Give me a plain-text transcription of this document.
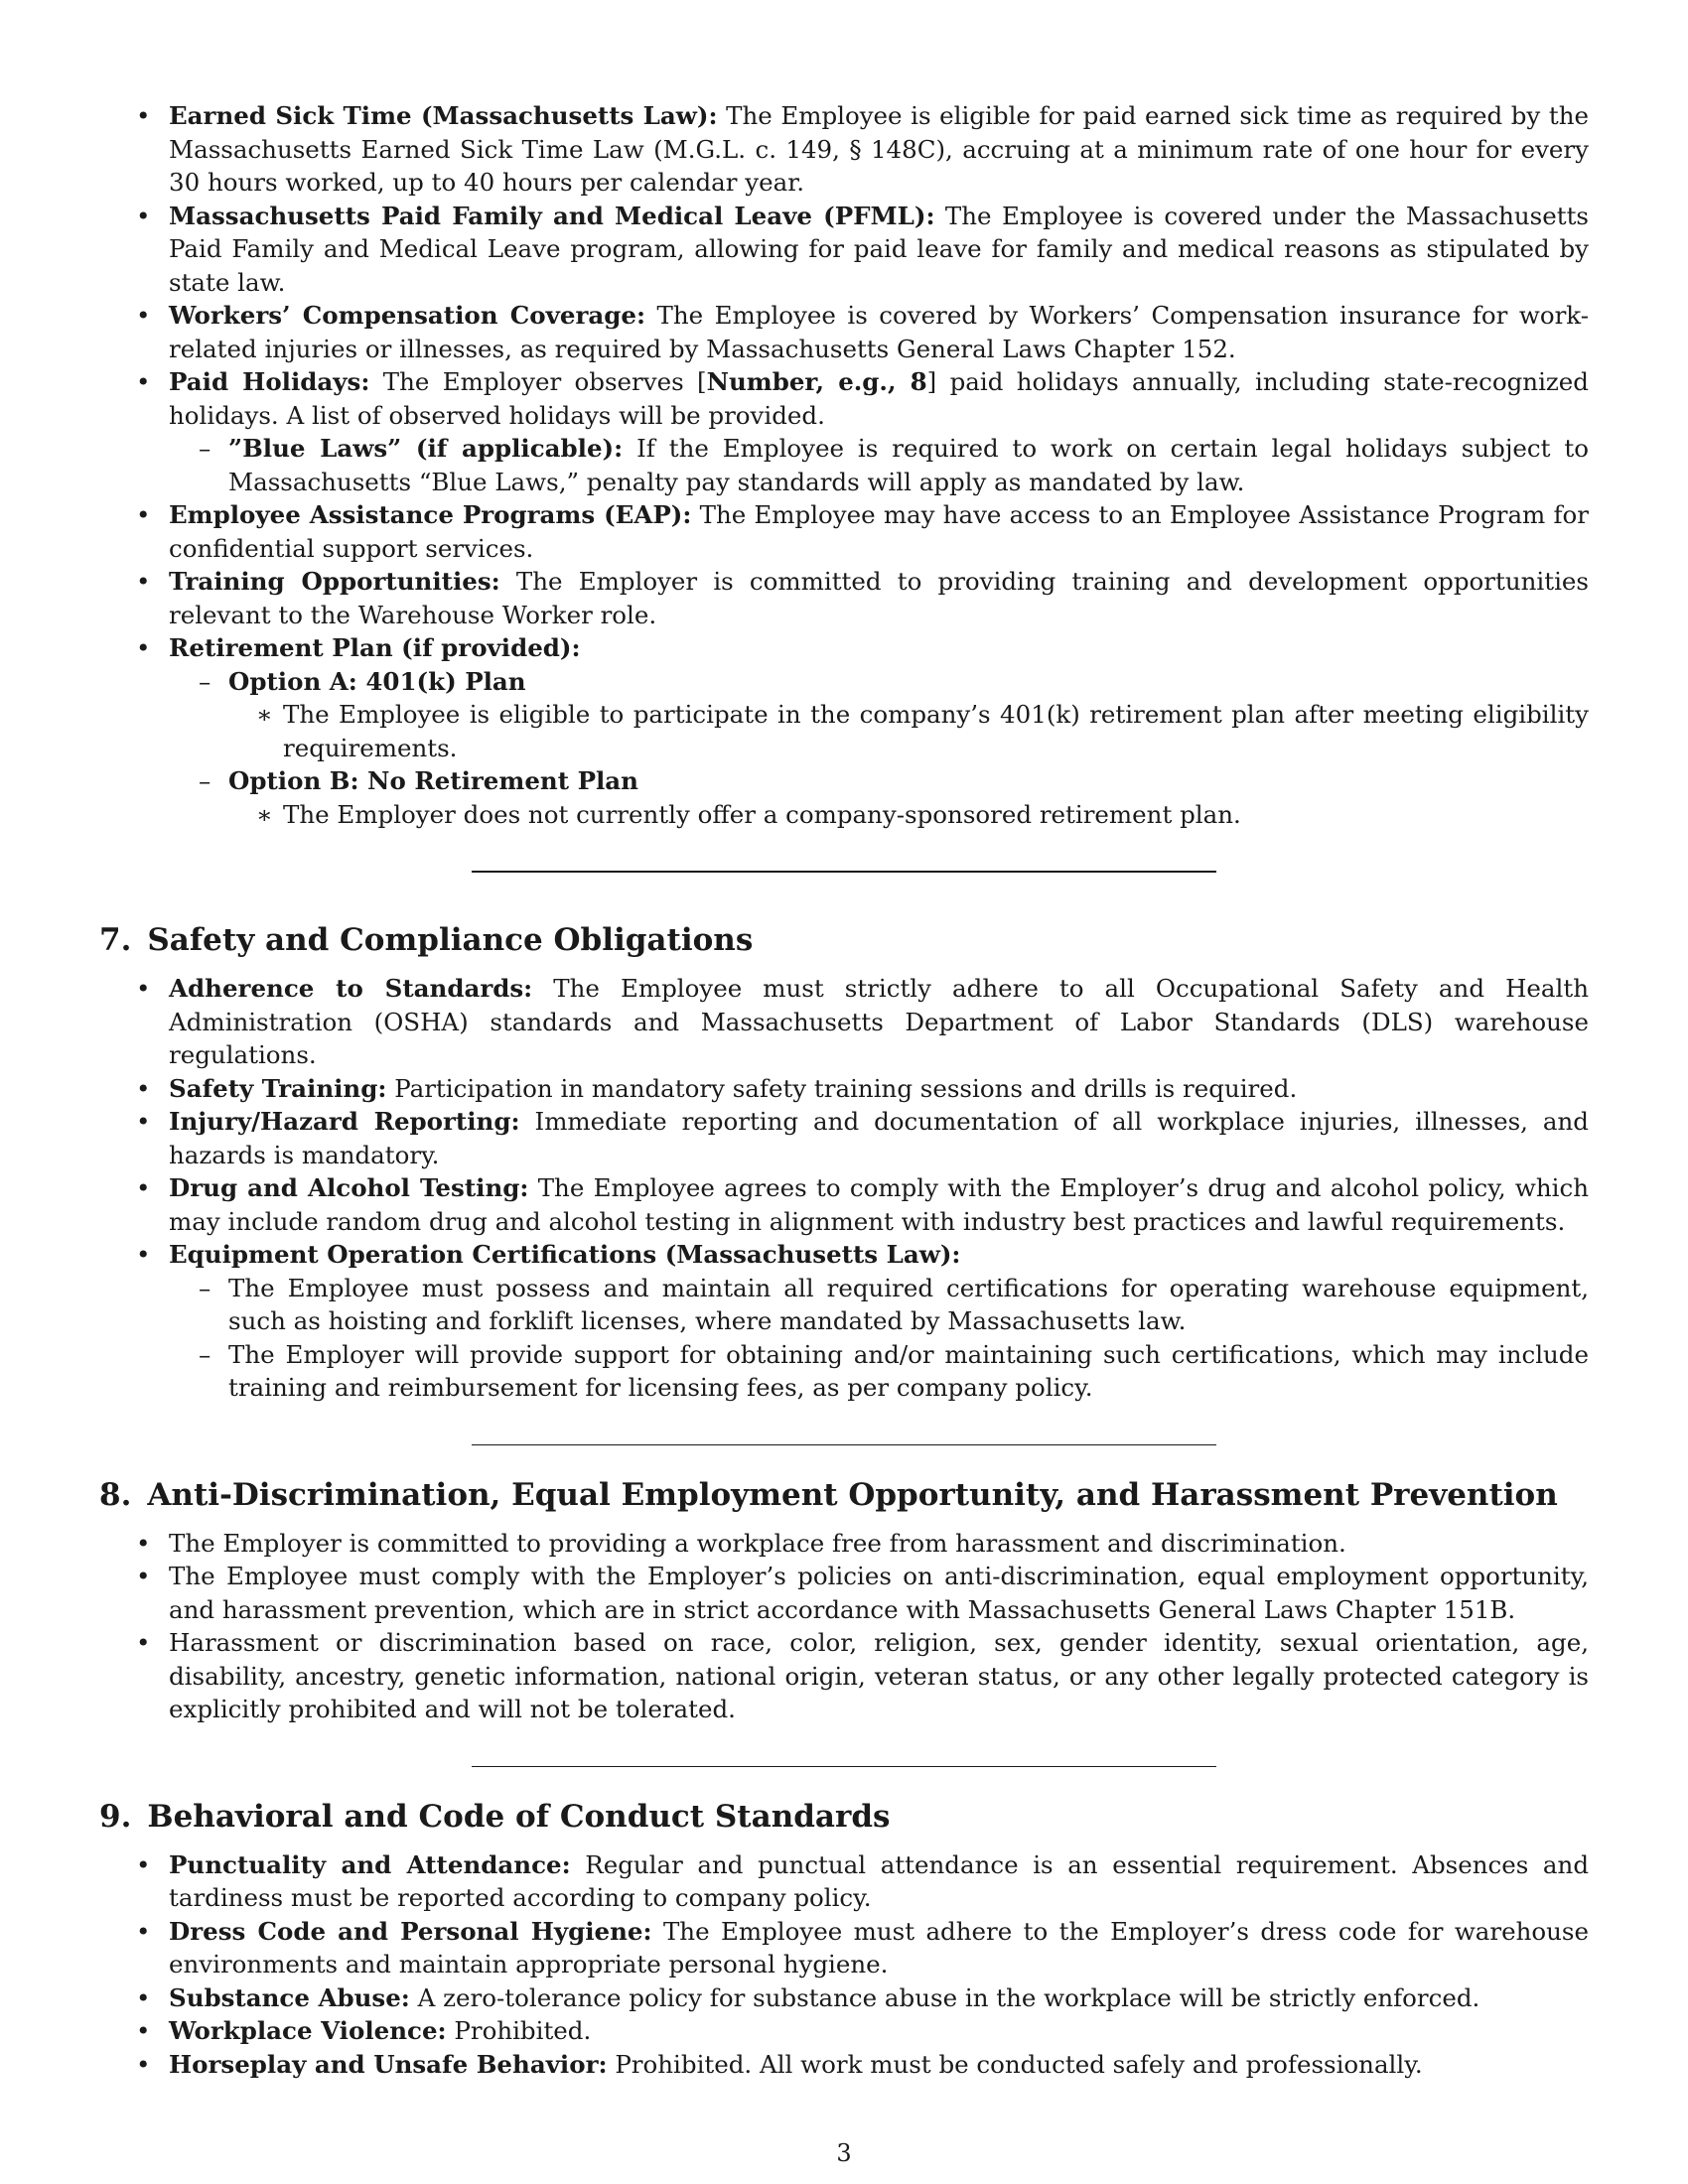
• Earned Sick Time (Massachusetts Law): The Employee is eligible for paid earned sick time as required by the Massachusetts Earned Sick Time Law (M.G.L. c. 149, § 148C), accruing at a minimum rate of one hour for every 30 hours worked, up to 40 hours per calendar year.
• Massachusetts Paid Family and Medical Leave (PFML): The Employee is covered under the Massachusetts Paid Family and Medical Leave program, allowing for paid leave for family and medical reasons as stipulated by state law.
• Workers’ Compensation Coverage: The Employee is covered by Workers’ Compensation insurance for work-related injuries or illnesses, as required by Massachusetts General Laws Chapter 152.
• Paid Holidays: The Employer observes [Number, e.g., 8] paid holidays annually, including state-recognized holidays. A list of observed holidays will be provided.
– ”Blue Laws” (if applicable): If the Employee is required to work on certain legal holidays subject to Massachusetts “Blue Laws,” penalty pay standards will apply as mandated by law.
• Employee Assistance Programs (EAP): The Employee may have access to an Employee Assistance Program for confidential support services.
• Training Opportunities: The Employer is committed to providing training and development opportunities relevant to the Warehouse Worker role.
• Retirement Plan (if provided):
– Option A: 401(k) Plan
∗ The Employee is eligible to participate in the company’s 401(k) retirement plan after meeting eligibility requirements.
– Option B: No Retirement Plan
∗ The Employer does not currently offer a company-sponsored retirement plan.
7. Safety and Compliance Obligations
• Adherence to Standards: The Employee must strictly adhere to all Occupational Safety and Health Administration (OSHA) standards and Massachusetts Department of Labor Standards (DLS) warehouse regulations.
• Safety Training: Participation in mandatory safety training sessions and drills is required.
• Injury/Hazard Reporting: Immediate reporting and documentation of all workplace injuries, illnesses, and hazards is mandatory.
• Drug and Alcohol Testing: The Employee agrees to comply with the Employer’s drug and alcohol policy, which may include random drug and alcohol testing in alignment with industry best practices and lawful requirements.
• Equipment Operation Certifications (Massachusetts Law):
– The Employee must possess and maintain all required certifications for operating warehouse equipment, such as hoisting and forklift licenses, where mandated by Massachusetts law.
– The Employer will provide support for obtaining and/or maintaining such certifications, which may include training and reimbursement for licensing fees, as per company policy.
8. Anti-Discrimination, Equal Employment Opportunity, and Harassment Prevention
• The Employer is committed to providing a workplace free from harassment and discrimination.
• The Employee must comply with the Employer’s policies on anti-discrimination, equal employment opportunity, and harassment prevention, which are in strict accordance with Massachusetts General Laws Chapter 151B.
• Harassment or discrimination based on race, color, religion, sex, gender identity, sexual orientation, age, disability, ancestry, genetic information, national origin, veteran status, or any other legally protected category is explicitly prohibited and will not be tolerated.
9. Behavioral and Code of Conduct Standards
• Punctuality and Attendance: Regular and punctual attendance is an essential requirement. Absences and tardiness must be reported according to company policy.
• Dress Code and Personal Hygiene: The Employee must adhere to the Employer’s dress code for warehouse environments and maintain appropriate personal hygiene.
• Substance Abuse: A zero-tolerance policy for substance abuse in the workplace will be strictly enforced.
• Workplace Violence: Prohibited.
• Horseplay and Unsafe Behavior: Prohibited. All work must be conducted safely and professionally.
3
